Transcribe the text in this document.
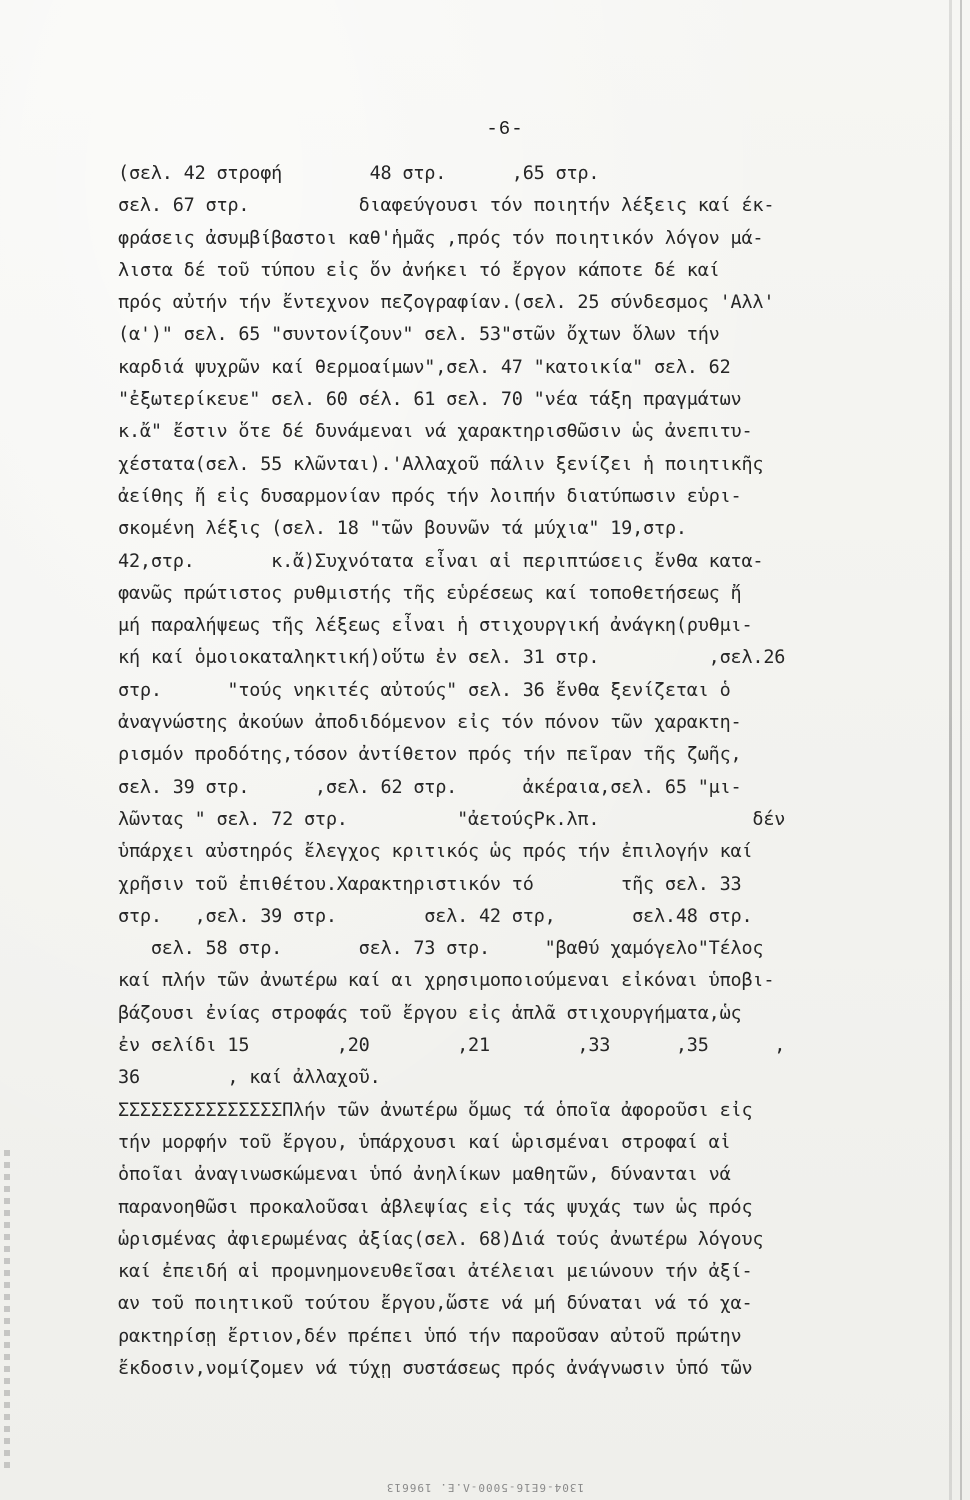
-6-
(σελ. 42 στροφή        48 στρ.      ,65 στρ.
σελ. 67 στρ.          διαφεύγουσι τόν ποιητήν λέξεις καί έκ-
φράσεις ἀσυμβίβαστοι καθ'ἡμᾶς ,πρός τόν ποιητικόν λόγον μά-
λιστα δέ τοῦ τύπου εἰς ὅν ἀνήκει τό ἔργον κάποτε δέ καί
πρός αὐτήν τήν ἔντεχνον πεζογραφίαν.(σελ. 25 σύνδεσμος 'Αλλ'
(α')" σελ. 65 "συντονίζουν" σελ. 53"στῶν ὄχτων ὅλων τήν
καρδιά ψυχρῶν καί θερμοαίμων",σελ. 47 "κατοικία" σελ. 62
"ἐξωτερίκευε" σελ. 60 σέλ. 61 σελ. 70 "νέα τάξη πραγμάτων
κ.ἄ" ἔστιν ὅτε δέ δυνάμεναι νά χαρακτηρισθῶσιν ὡς ἀνεπιτυ-
χέστατα(σελ. 55 κλῶνται).'Αλλαχοῦ πάλιν ξενίζει ἡ ποιητικῆς
ἀείθης ἤ εἰς δυσαρμονίαν πρός τήν λοιπήν διατύπωσιν εὑρι-
σκομένη λέξις (σελ. 18 "τῶν βουνῶν τά μύχια" 19,στρ.
42,στρ.       κ.ἄ)Συχνότατα εἶναι αἱ περιπτώσεις ἔνθα κατα-
φανῶς πρώτιστος ρυθμιστής τῆς εὑρέσεως καί τοποθετήσεως ἤ
μή παραλήψεως τῆς λέξεως εἶναι ἡ στιχουργική ἀνάγκη(ρυθμι-
κή καί ὁμοιοκαταληκτική)οὕτω ἐν σελ. 31 στρ.          ,σελ.26
στρ.      "τούς νηκιτές αὐτούς" σελ. 36 ἔνθα ξενίζεται ὁ
ἀναγνώστης ἀκούων ἀποδιδόμενον εἰς τόν πόνον τῶν χαρακτη-
ρισμόν προδότης,τόσον ἀντίθετον πρός τήν πεῖραν τῆς ζωῆς,
σελ. 39 στρ.      ,σελ. 62 στρ.      ἀκέραια,σελ. 65 "μι-
λῶντας " σελ. 72 στρ.          "ἀετούςΡκ.λπ.              δέν
ὑπάρχει αὐστηρός ἔλεγχος κριτικός ὡς πρός τήν ἐπιλογήν καί
χρῆσιν τοῦ ἐπιθέτου.Χαρακτηριστικόν τό        τῆς σελ. 33
στρ.   ,σελ. 39 στρ.        σελ. 42 στρ,       σελ.48 στρ.
σελ. 58 στρ.       σελ. 73 στρ.     "βαθύ χαμόγελο"Τέλος
καί πλήν τῶν ἀνωτέρω καί αι χρησιμοποιούμεναι εἰκόναι ὑποβι-
βάζουσι ἐνίας στροφάς τοῦ ἔργου εἰς ἁπλᾶ στιχουργήματα,ὡς
ἐν σελίδι 15        ,20        ,21        ,33      ,35      ,
36        , καί ἀλλαχοῦ.
ΣΣΣΣΣΣΣΣΣΣΣΣΣΣΣΠλήν τῶν ἀνωτέρω ὅμως τά ὁποῖα ἀφοροῦσι εἰς
τήν μορφήν τοῦ ἔργου, ὑπάρχουσι καί ὡρισμέναι στροφαί αἱ
ὁποῖαι ἀναγινωσκώμεναι ὑπό ἀνηλίκων μαθητῶν, δύνανται νά
παρανοηθῶσι προκαλοῦσαι ἀβλεψίας εἰς τάς ψυχάς των ὡς πρός
ὡρισμένας ἀφιερωμένας ἀξίας(σελ. 68)Διά τούς ἀνωτέρω λόγους
καί ἐπειδή αἱ προμνημονευθεῖσαι ἀτέλειαι μειώνουν τήν ἀξί-
αν τοῦ ποιητικοῦ τούτου ἔργου,ὥστε νά μή δύναται νά τό χα-
ρακτηρίσῃ ἔρτιον,δέν πρέπει ὑπό τήν παροῦσαν αὐτοῦ πρώτην
ἔκδοσιν,νομίζομεν νά τύχῃ συστάσεως πρός ἀνάγνωσιν ὑπό τῶν
1304-6Ε16-5000-Λ.Ε. 196613
